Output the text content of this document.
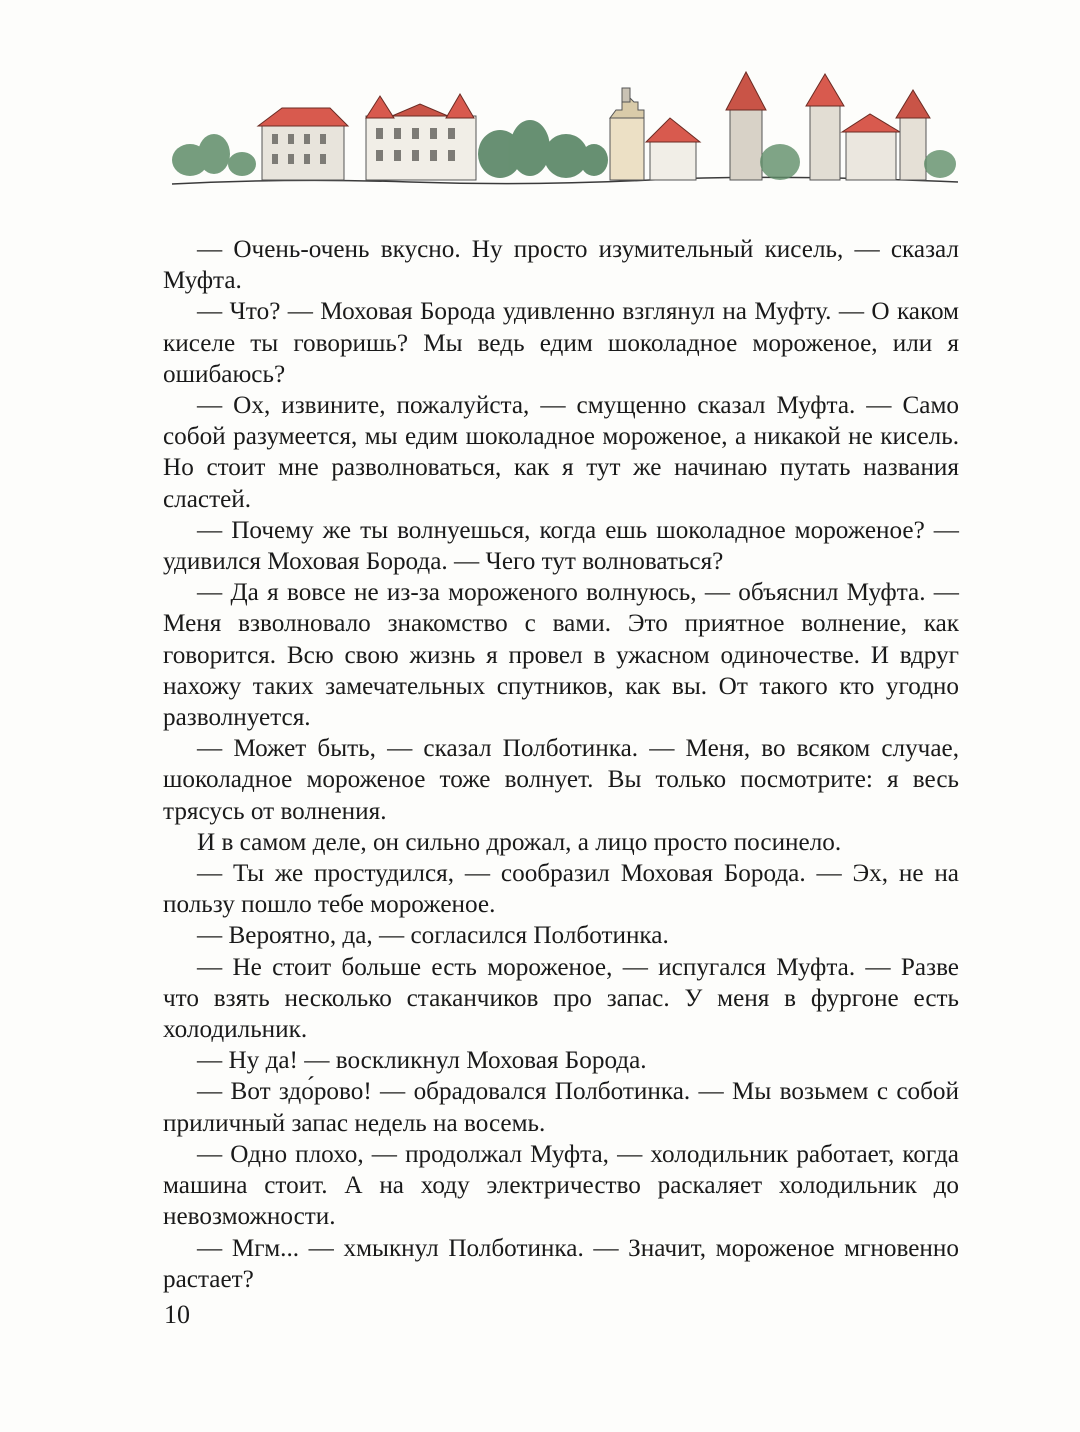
— Очень-очень вкусно. Ну просто изумительный кисель, — сказал Муфта.

— Что? — Моховая Борода удивленно взглянул на Муфту. — О каком киселе ты говоришь? Мы ведь едим шоколадное мороженое, или я ошибаюсь?

— Ох, извините, пожалуйста, — смущенно сказал Муфта. — Само собой разумеется, мы едим шоколадное мороженое, а никакой не кисель. Но стоит мне разволноваться, как я тут же начинаю путать названия сластей.

— Почему же ты волнуешься, когда ешь шоколадное мороженое? — удивился Моховая Борода. — Чего тут волноваться?

— Да я вовсе не из-за мороженого волнуюсь, — объяснил Муфта. — Меня взволновало знакомство с вами. Это приятное волнение, как говорится. Всю свою жизнь я провел в ужасном одиночестве. И вдруг нахожу таких замечательных спутников, как вы. От такого кто угодно разволнуется.

— Может быть, — сказал Полботинка. — Меня, во всяком случае, шоколадное мороженое тоже волнует. Вы только посмотрите: я весь трясусь от волнения.

И в самом деле, он сильно дрожал, а лицо просто посинело.

— Ты же простудился, — сообразил Моховая Борода. — Эх, не на пользу пошло тебе мороженое.

— Вероятно, да, — согласился Полботинка.

— Не стоит больше есть мороженое, — испугался Муфта. — Разве что взять несколько стаканчиков про запас. У меня в фургоне есть холодильник.

— Ну да! — воскликнул Моховая Борода.

— Вот здо́рово! — обрадовался Полботинка. — Мы возьмем с собой приличный запас недель на восемь.

— Одно плохо, — продолжал Муфта, — холодильник работает, когда машина стоит. А на ходу электричество раскаляет холодильник до невозможности.

— Мгм... — хмыкнул Полботинка. — Значит, мороженое мгновенно растает?

10
